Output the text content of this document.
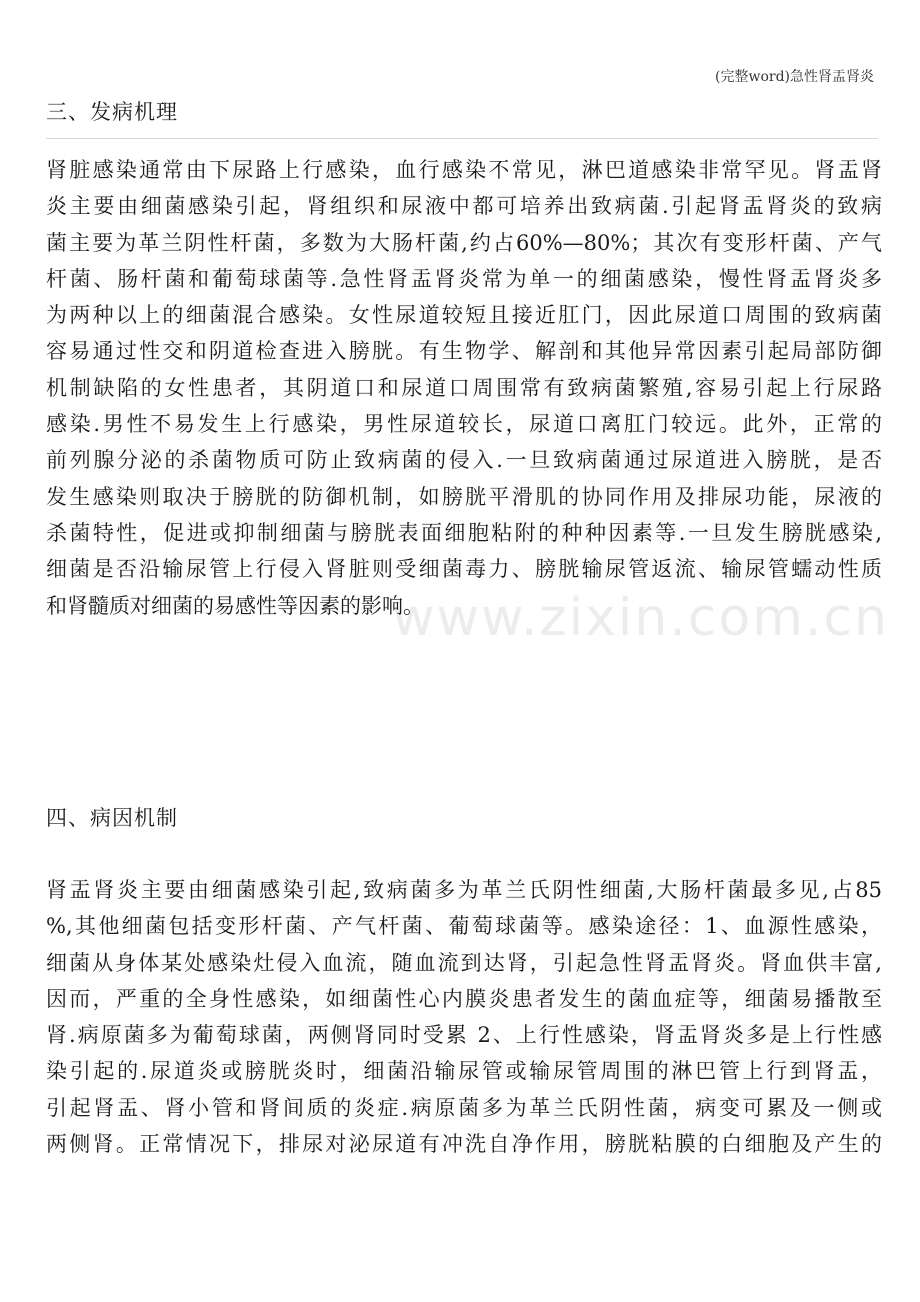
(完整word)急性肾盂肾炎
www.zixin.com.cn
三、发病机理
肾脏感染通常由下尿路上行感染，血行感染不常见，淋巴道感染非常罕见。肾盂肾
炎主要由细菌感染引起，肾组织和尿液中都可培养出致病菌.引起肾盂肾炎的致病
菌主要为革兰阴性杆菌，多数为大肠杆菌,约占60%—80%；其次有变形杆菌、产气
杆菌、肠杆菌和葡萄球菌等.急性肾盂肾炎常为单一的细菌感染，慢性肾盂肾炎多
为两种以上的细菌混合感染。女性尿道较短且接近肛门，因此尿道口周围的致病菌
容易通过性交和阴道检查进入膀胱。有生物学、解剖和其他异常因素引起局部防御
机制缺陷的女性患者，其阴道口和尿道口周围常有致病菌繁殖,容易引起上行尿路
感染.男性不易发生上行感染，男性尿道较长，尿道口离肛门较远。此外，正常的
前列腺分泌的杀菌物质可防止致病菌的侵入.一旦致病菌通过尿道进入膀胱，是否
发生感染则取决于膀胱的防御机制，如膀胱平滑肌的协同作用及排尿功能，尿液的
杀菌特性，促进或抑制细菌与膀胱表面细胞粘附的种种因素等.一旦发生膀胱感染,
细菌是否沿输尿管上行侵入肾脏则受细菌毒力、膀胱输尿管返流、输尿管蠕动性质
和肾髓质对细菌的易感性等因素的影响。
四、病因机制
肾盂肾炎主要由细菌感染引起,致病菌多为革兰氏阴性细菌,大肠杆菌最多见,占85
%,其他细菌包括变形杆菌、产气杆菌、葡萄球菌等。感染途径：1、血源性感染，
细菌从身体某处感染灶侵入血流，随血流到达肾，引起急性肾盂肾炎。肾血供丰富,
因而，严重的全身性感染，如细菌性心内膜炎患者发生的菌血症等，细菌易播散至
肾.病原菌多为葡萄球菌，两侧肾同时受累 2、上行性感染，肾盂肾炎多是上行性感
染引起的.尿道炎或膀胱炎时，细菌沿输尿管或输尿管周围的淋巴管上行到肾盂，
引起肾盂、肾小管和肾间质的炎症.病原菌多为革兰氏阴性菌，病变可累及一侧或
两侧肾。正常情况下，排尿对泌尿道有冲洗自净作用，膀胱粘膜的白细胞及产生的
